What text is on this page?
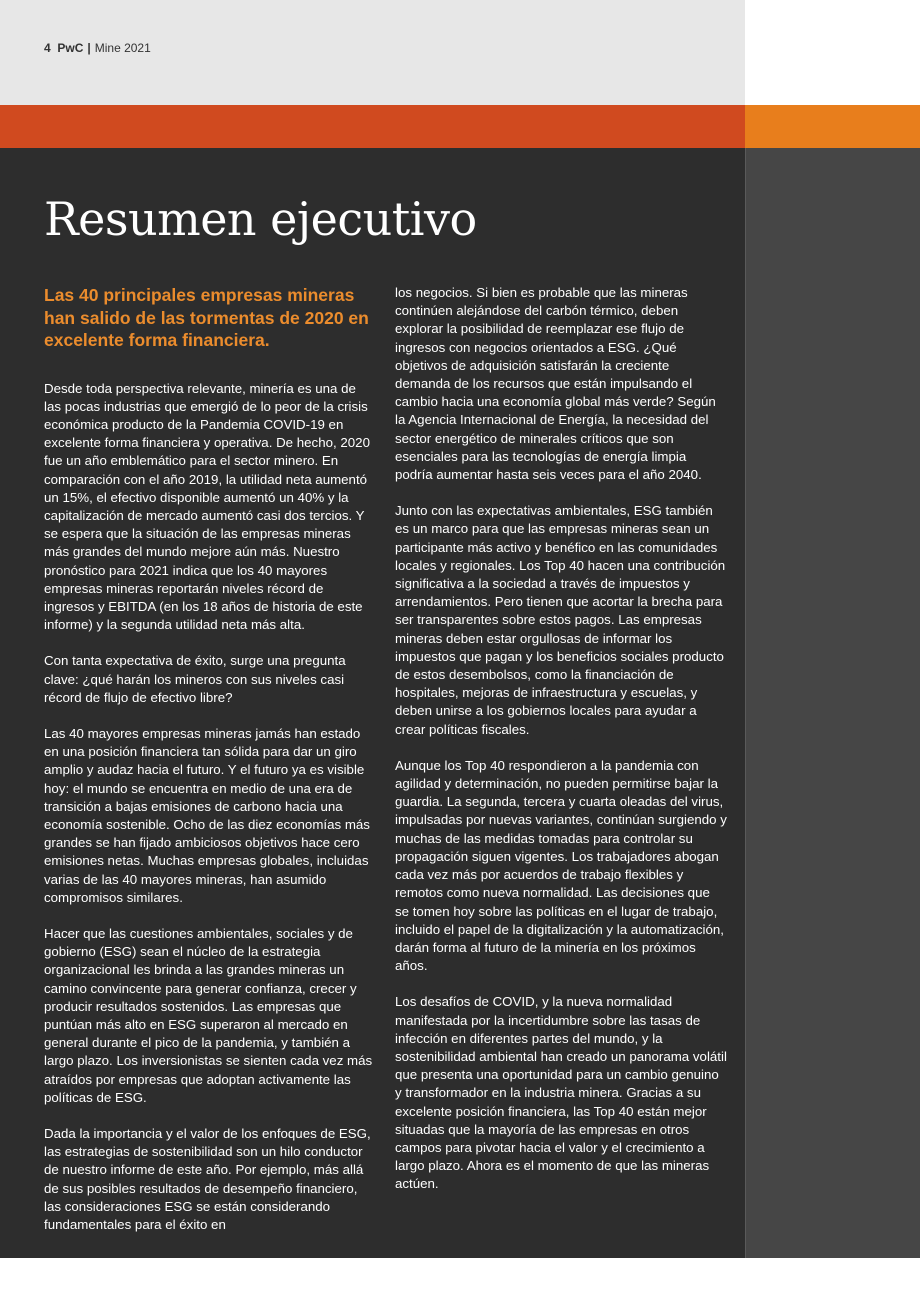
4 PwC | Mine 2021
Resumen ejecutivo

Las 40 principales empresas mineras han salido de las tormentas de 2020 en excelente forma financiera.

Desde toda perspectiva relevante, minería es una de las pocas industrias que emergió de lo peor de la crisis económica producto de la Pandemia COVID-19 en excelente forma financiera y operativa. De hecho, 2020 fue un año emblemático para el sector minero. En comparación con el año 2019, la utilidad neta aumentó un 15%, el efectivo disponible aumentó un 40% y la capitalización de mercado aumentó casi dos tercios. Y se espera que la situación de las empresas mineras más grandes del mundo mejore aún más. Nuestro pronóstico para 2021 indica que los 40 mayores empresas mineras reportarán niveles récord de ingresos y EBITDA (en los 18 años de historia de este informe) y la segunda utilidad neta más alta.

Con tanta expectativa de éxito, surge una pregunta clave: ¿qué harán los mineros con sus niveles casi récord de flujo de efectivo libre?

Las 40 mayores empresas mineras jamás han estado en una posición financiera tan sólida para dar un giro amplio y audaz hacia el futuro. Y el futuro ya es visible hoy: el mundo se encuentra en medio de una era de transición a bajas emisiones de carbono hacia una economía sostenible. Ocho de las diez economías más grandes se han fijado ambiciosos objetivos hace cero emisiones netas. Muchas empresas globales, incluidas varias de las 40 mayores mineras, han asumido compromisos similares.

Hacer que las cuestiones ambientales, sociales y de gobierno (ESG) sean el núcleo de la estrategia organizacional les brinda a las grandes mineras un camino convincente para generar confianza, crecer y producir resultados sostenidos. Las empresas que puntúan más alto en ESG superaron al mercado en general durante el pico de la pandemia, y también a largo plazo. Los inversionistas se sienten cada vez más atraídos por empresas que adoptan activamente las políticas de ESG.

Dada la importancia y el valor de los enfoques de ESG, las estrategias de sostenibilidad son un hilo conductor de nuestro informe de este año. Por ejemplo, más allá de sus posibles resultados de desempeño financiero, las consideraciones ESG se están considerando fundamentales para el éxito en

los negocios. Si bien es probable que las mineras continúen alejándose del carbón térmico, deben explorar la posibilidad de reemplazar ese flujo de ingresos con negocios orientados a ESG. ¿Qué objetivos de adquisición satisfarán la creciente demanda de los recursos que están impulsando el cambio hacia una economía global más verde? Según la Agencia Internacional de Energía, la necesidad del sector energético de minerales críticos que son esenciales para las tecnologías de energía limpia podría aumentar hasta seis veces para el año 2040.

Junto con las expectativas ambientales, ESG también es un marco para que las empresas mineras sean un participante más activo y benéfico en las comunidades locales y regionales. Los Top 40 hacen una contribución significativa a la sociedad a través de impuestos y arrendamientos. Pero tienen que acortar la brecha para ser transparentes sobre estos pagos. Las empresas mineras deben estar orgullosas de informar los impuestos que pagan y los beneficios sociales producto de estos desembolsos, como la financiación de hospitales, mejoras de infraestructura y escuelas, y deben unirse a los gobiernos locales para ayudar a crear políticas fiscales.

Aunque los Top 40 respondieron a la pandemia con agilidad y determinación, no pueden permitirse bajar la guardia. La segunda, tercera y cuarta oleadas del virus, impulsadas por nuevas variantes, continúan surgiendo y muchas de las medidas tomadas para controlar su propagación siguen vigentes. Los trabajadores abogan cada vez más por acuerdos de trabajo flexibles y remotos como nueva normalidad. Las decisiones que se tomen hoy sobre las políticas en el lugar de trabajo, incluido el papel de la digitalización y la automatización, darán forma al futuro de la minería en los próximos años.

Los desafíos de COVID, y la nueva normalidad manifestada por la incertidumbre sobre las tasas de infección en diferentes partes del mundo, y la sostenibilidad ambiental han creado un panorama volátil que presenta una oportunidad para un cambio genuino y transformador en la industria minera. Gracias a su excelente posición financiera, las Top 40 están mejor situadas que la mayoría de las empresas en otros campos para pivotar hacia el valor y el crecimiento a largo plazo. Ahora es el momento de que las mineras actúen.
